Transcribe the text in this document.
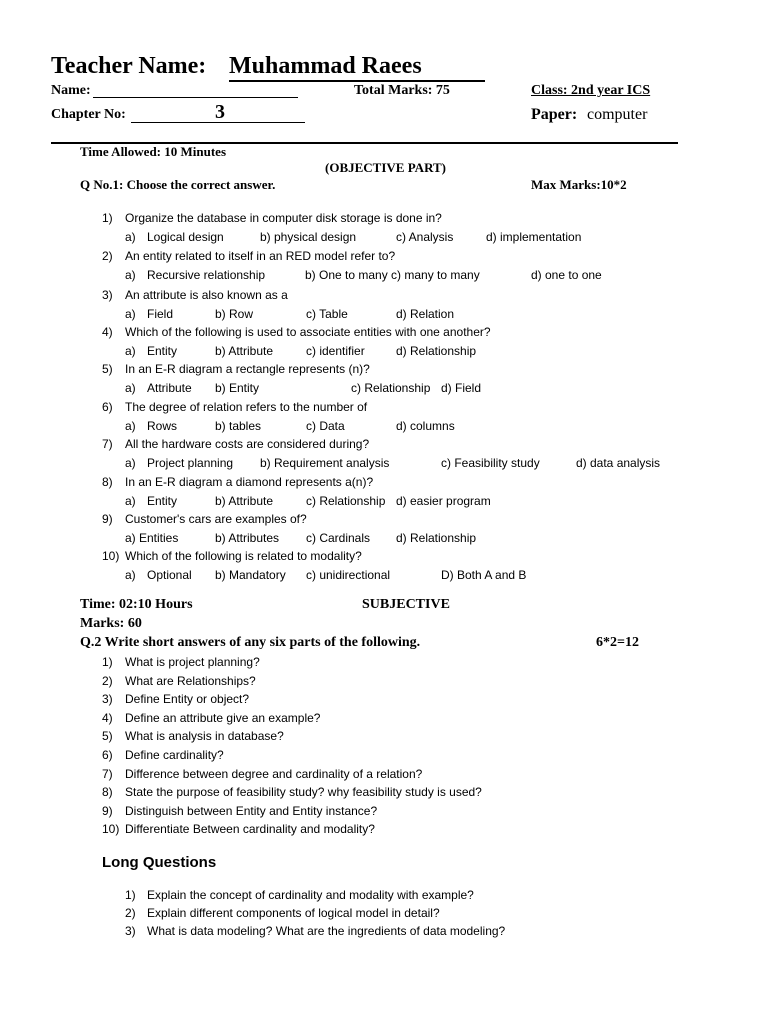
Teacher Name: Muhammad Raees
Name:	Total Marks: 75	Class: 2nd year ICS
Chapter No:	3	Paper: computer
Time Allowed: 10 Minutes
(OBJECTIVE PART)
Q No.1: Choose the correct answer.	Max Marks:10*2
1) Organize the database in computer disk storage is done in?
a) Logical design	b) physical design	c) Analysis	d) implementation
2) An entity related to itself in an RED model refer to?
a) Recursive relationship	b) One to many c) many to many	d) one to one
3) An attribute is also known as a
a) Field	b) Row	c) Table	d) Relation
4) Which of the following is used to associate entities with one another?
a) Entity	b) Attribute	c) identifier	d) Relationship
5) In an E-R diagram a rectangle represents (n)?
a) Attribute b) Entity	c) Relationship d) Field
6) The degree of relation refers to the number of
a) Rows	b) tables	c) Data	d) columns
7) All the hardware costs are considered during?
a) Project planning b) Requirement analysis	c) Feasibility study	d) data analysis
8) In an E-R diagram a diamond represents a(n)?
a) Entity	b) Attribute	c) Relationship d) easier program
9) Customer's cars are examples of?
a) Entities	b) Attributes c) Cardinals d) Relationship
10) Which of the following is related to modality?
a) Optional b) Mandatory c) unidirectional	D) Both A and B
Time: 02:10 Hours	SUBJECTIVE
Marks: 60
Q.2 Write short answers of any six parts of the following.	6*2=12
1) What is project planning?
2) What are Relationships?
3) Define Entity or object?
4) Define an attribute give an example?
5) What is analysis in database?
6) Define cardinality?
7) Difference between degree and cardinality of a relation?
8) State the purpose of feasibility study? why feasibility study is used?
9) Distinguish between Entity and Entity instance?
10) Differentiate Between cardinality and modality?
Long Questions
1) Explain the concept of cardinality and modality with example?
2) Explain different components of logical model in detail?
3) What is data modeling? What are the ingredients of data modeling?
